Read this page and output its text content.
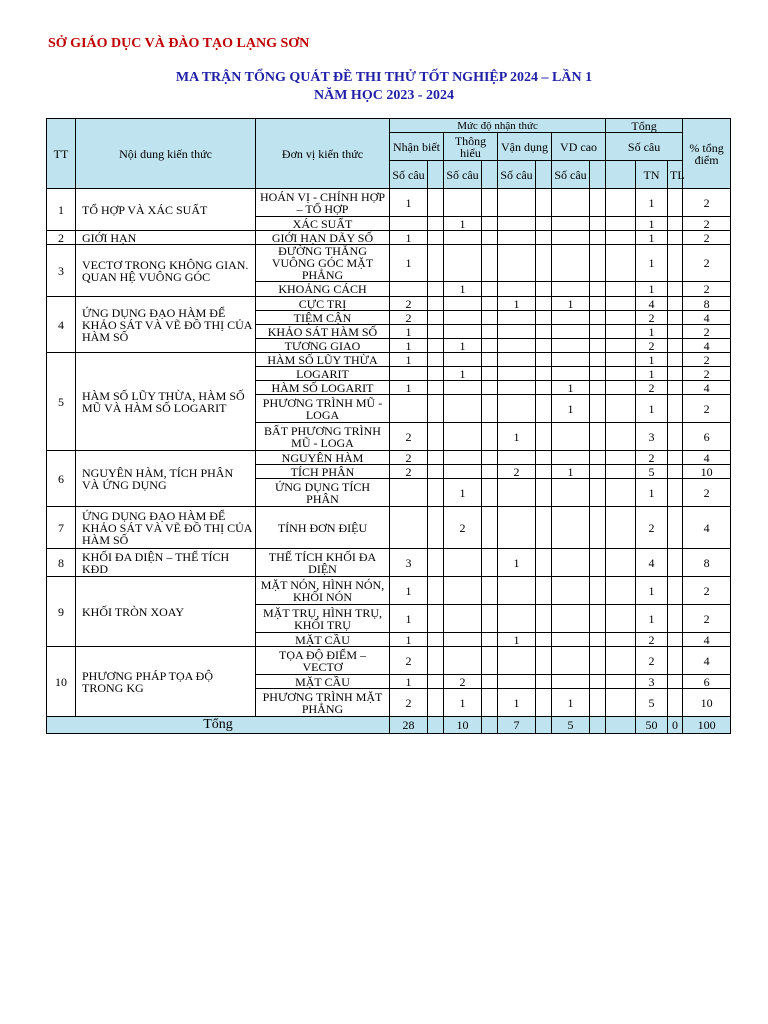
SỞ GIÁO DỤC VÀ ĐÀO TẠO LẠNG SƠN
MA TRẬN TỔNG QUÁT ĐỀ THI THỬ TỐT NGHIỆP 2024 – LẦN 1
NĂM HỌC 2023 - 2024
TT	Nội dung kiến thức	Đơn vị kiến thức	Mức độ nhận thức								Tổng			% tổng điểm
			Nhận biết		Thông hiểu		Vận dụng		VD cao		Số câu			
			Số câu		Số câu		Số câu		Số câu			TN	TL	
1	TỔ HỢP VÀ XÁC SUẤT	HOÁN VỊ - CHỈNH HỢP – TỔ HỢP	1									1		2
		XÁC SUẤT			1							1		2
2	GIỚI HẠN	GIỚI HẠN DÃY SỐ	1									1		2
3	VECTƠ TRONG KHÔNG GIAN. QUAN HỆ VUÔNG GÓC	ĐƯỜNG THẲNG VUÔNG GÓC MẶT PHẲNG	1									1		2
		KHOẢNG CÁCH			1							1		2
4	ỨNG DỤNG ĐẠO HÀM ĐỂ KHẢO SÁT VÀ VẼ ĐỒ THỊ CỦA HÀM SỐ	CỰC TRỊ	2				1		1			4		8
		TIỆM CẬN	2									2		4
		KHẢO SÁT HÀM SỐ	1									1		2
		TƯƠNG GIAO	1		1							2		4
5	HÀM SỐ LŨY THỪA, HÀM SỐ MŨ VÀ HÀM SỐ LOGARIT	HÀM SỐ LŨY THỪA	1									1		2
		LOGARIT			1							1		2
		HÀM SỐ LOGARIT	1						1			2		4
		PHƯƠNG TRÌNH MŨ - LOGA							1			1		2
		BẤT PHƯƠNG TRÌNH MŨ - LOGA	2				1					3		6
6	NGUYÊN HÀM, TÍCH PHÂN VÀ ỨNG DỤNG	NGUYÊN HÀM	2									2		4
		TÍCH PHÂN	2				2		1			5		10
		ỨNG DỤNG TÍCH PHÂN			1							1		2
7	ỨNG DỤNG ĐẠO HÀM ĐỂ KHẢO SÁT VÀ VẼ ĐỒ THỊ CỦA HÀM SỐ	TÍNH ĐƠN ĐIỆU			2							2		4
8	KHỐI ĐA DIỆN – THỂ TÍCH KĐD	THỂ TÍCH KHỐI ĐA DIỆN	3				1					4		8
9	KHỐI TRÒN XOAY	MẶT NÓN, HÌNH NÓN, KHỐI NÓN	1									1		2
		MẶT TRỤ, HÌNH TRỤ, KHỐI TRỤ	1									1		2
		MẶT CẦU	1				1					2		4
10	PHƯƠNG PHÁP TỌA ĐỘ TRONG KG	TỌA ĐỘ ĐIỂM – VECTƠ	2									2		4
		MẶT CẦU	1		2							3		6
		PHƯƠNG TRÌNH MẶT PHẲNG	2		1		1		1			5		10
Tổng			28		10		7		5			50	0	100
